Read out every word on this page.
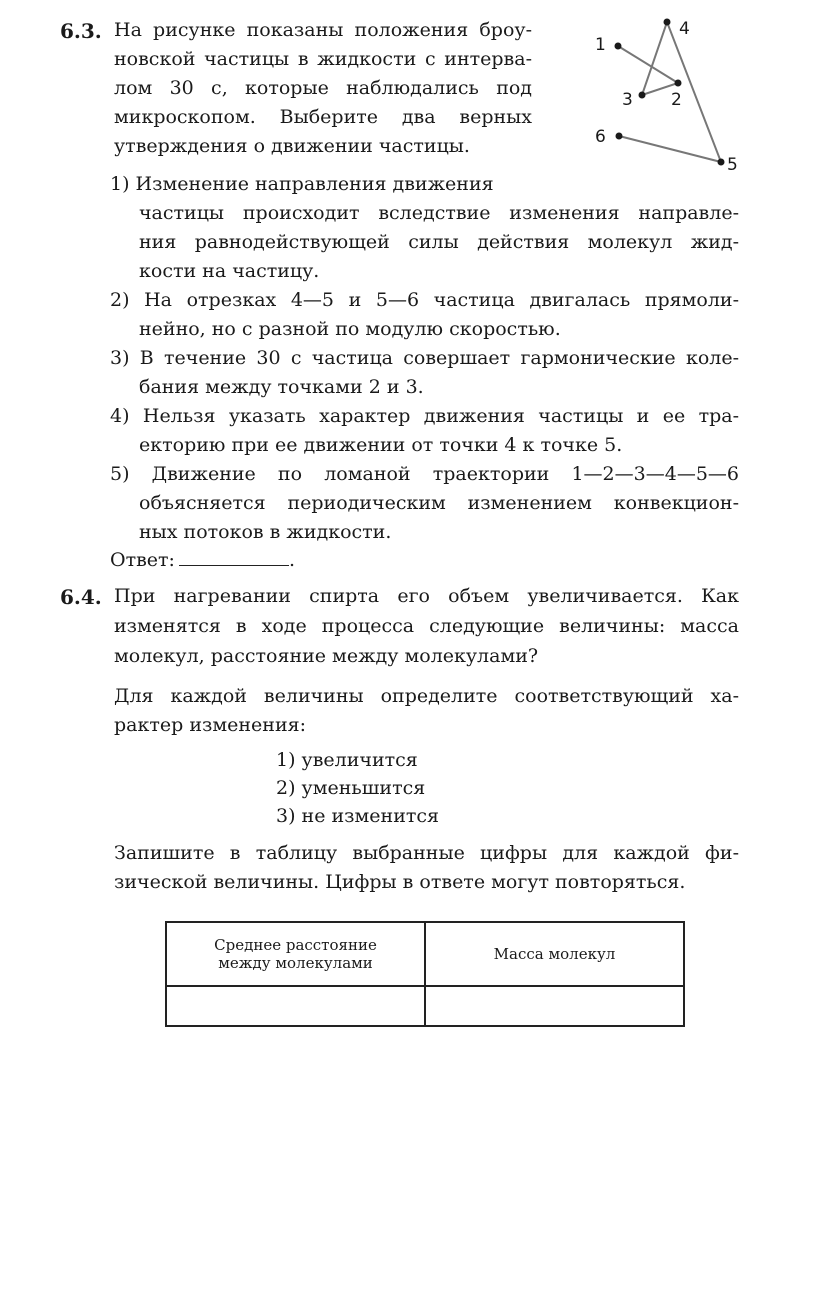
6.3. На рисунке показаны положения броу-
новской частицы в жидкости с интерва-
лом 30 с, которые наблюдались под
микроскопом. Выберите два верных
утверждения о движении частицы.
1
2
3
4
5
6
1) Изменение направления движения
частицы происходит вследствие изменения направле-
ния равнодействующей силы действия молекул жид-
кости на частицу.
2) На отрезках 4—5 и 5—6 частица двигалась прямоли-
нейно, но с разной по модулю скоростью.
3) В течение 30 с частица совершает гармонические коле-
бания между точками 2 и 3.
4) Нельзя указать характер движения частицы и ее тра-
екторию при ее движении от точки 4 к точке 5.
5) Движение по ломаной траектории 1—2—3—4—5—6
объясняется периодическим изменением конвекцион-
ных потоков в жидкости.
Ответ:	.
6.4. При нагревании спирта его объем увеличивается. Как
изменятся в ходе процесса следующие величины: масса
молекул, расстояние между молекулами?
Для каждой величины определите соответствующий ха-
рактер изменения:
1) увеличится
2) уменьшится
3) не изменится
Запишите в таблицу выбранные цифры для каждой фи-
зической величины. Цифры в ответе могут повторяться.
Среднее расстояние
между молекулами	Масса молекул
